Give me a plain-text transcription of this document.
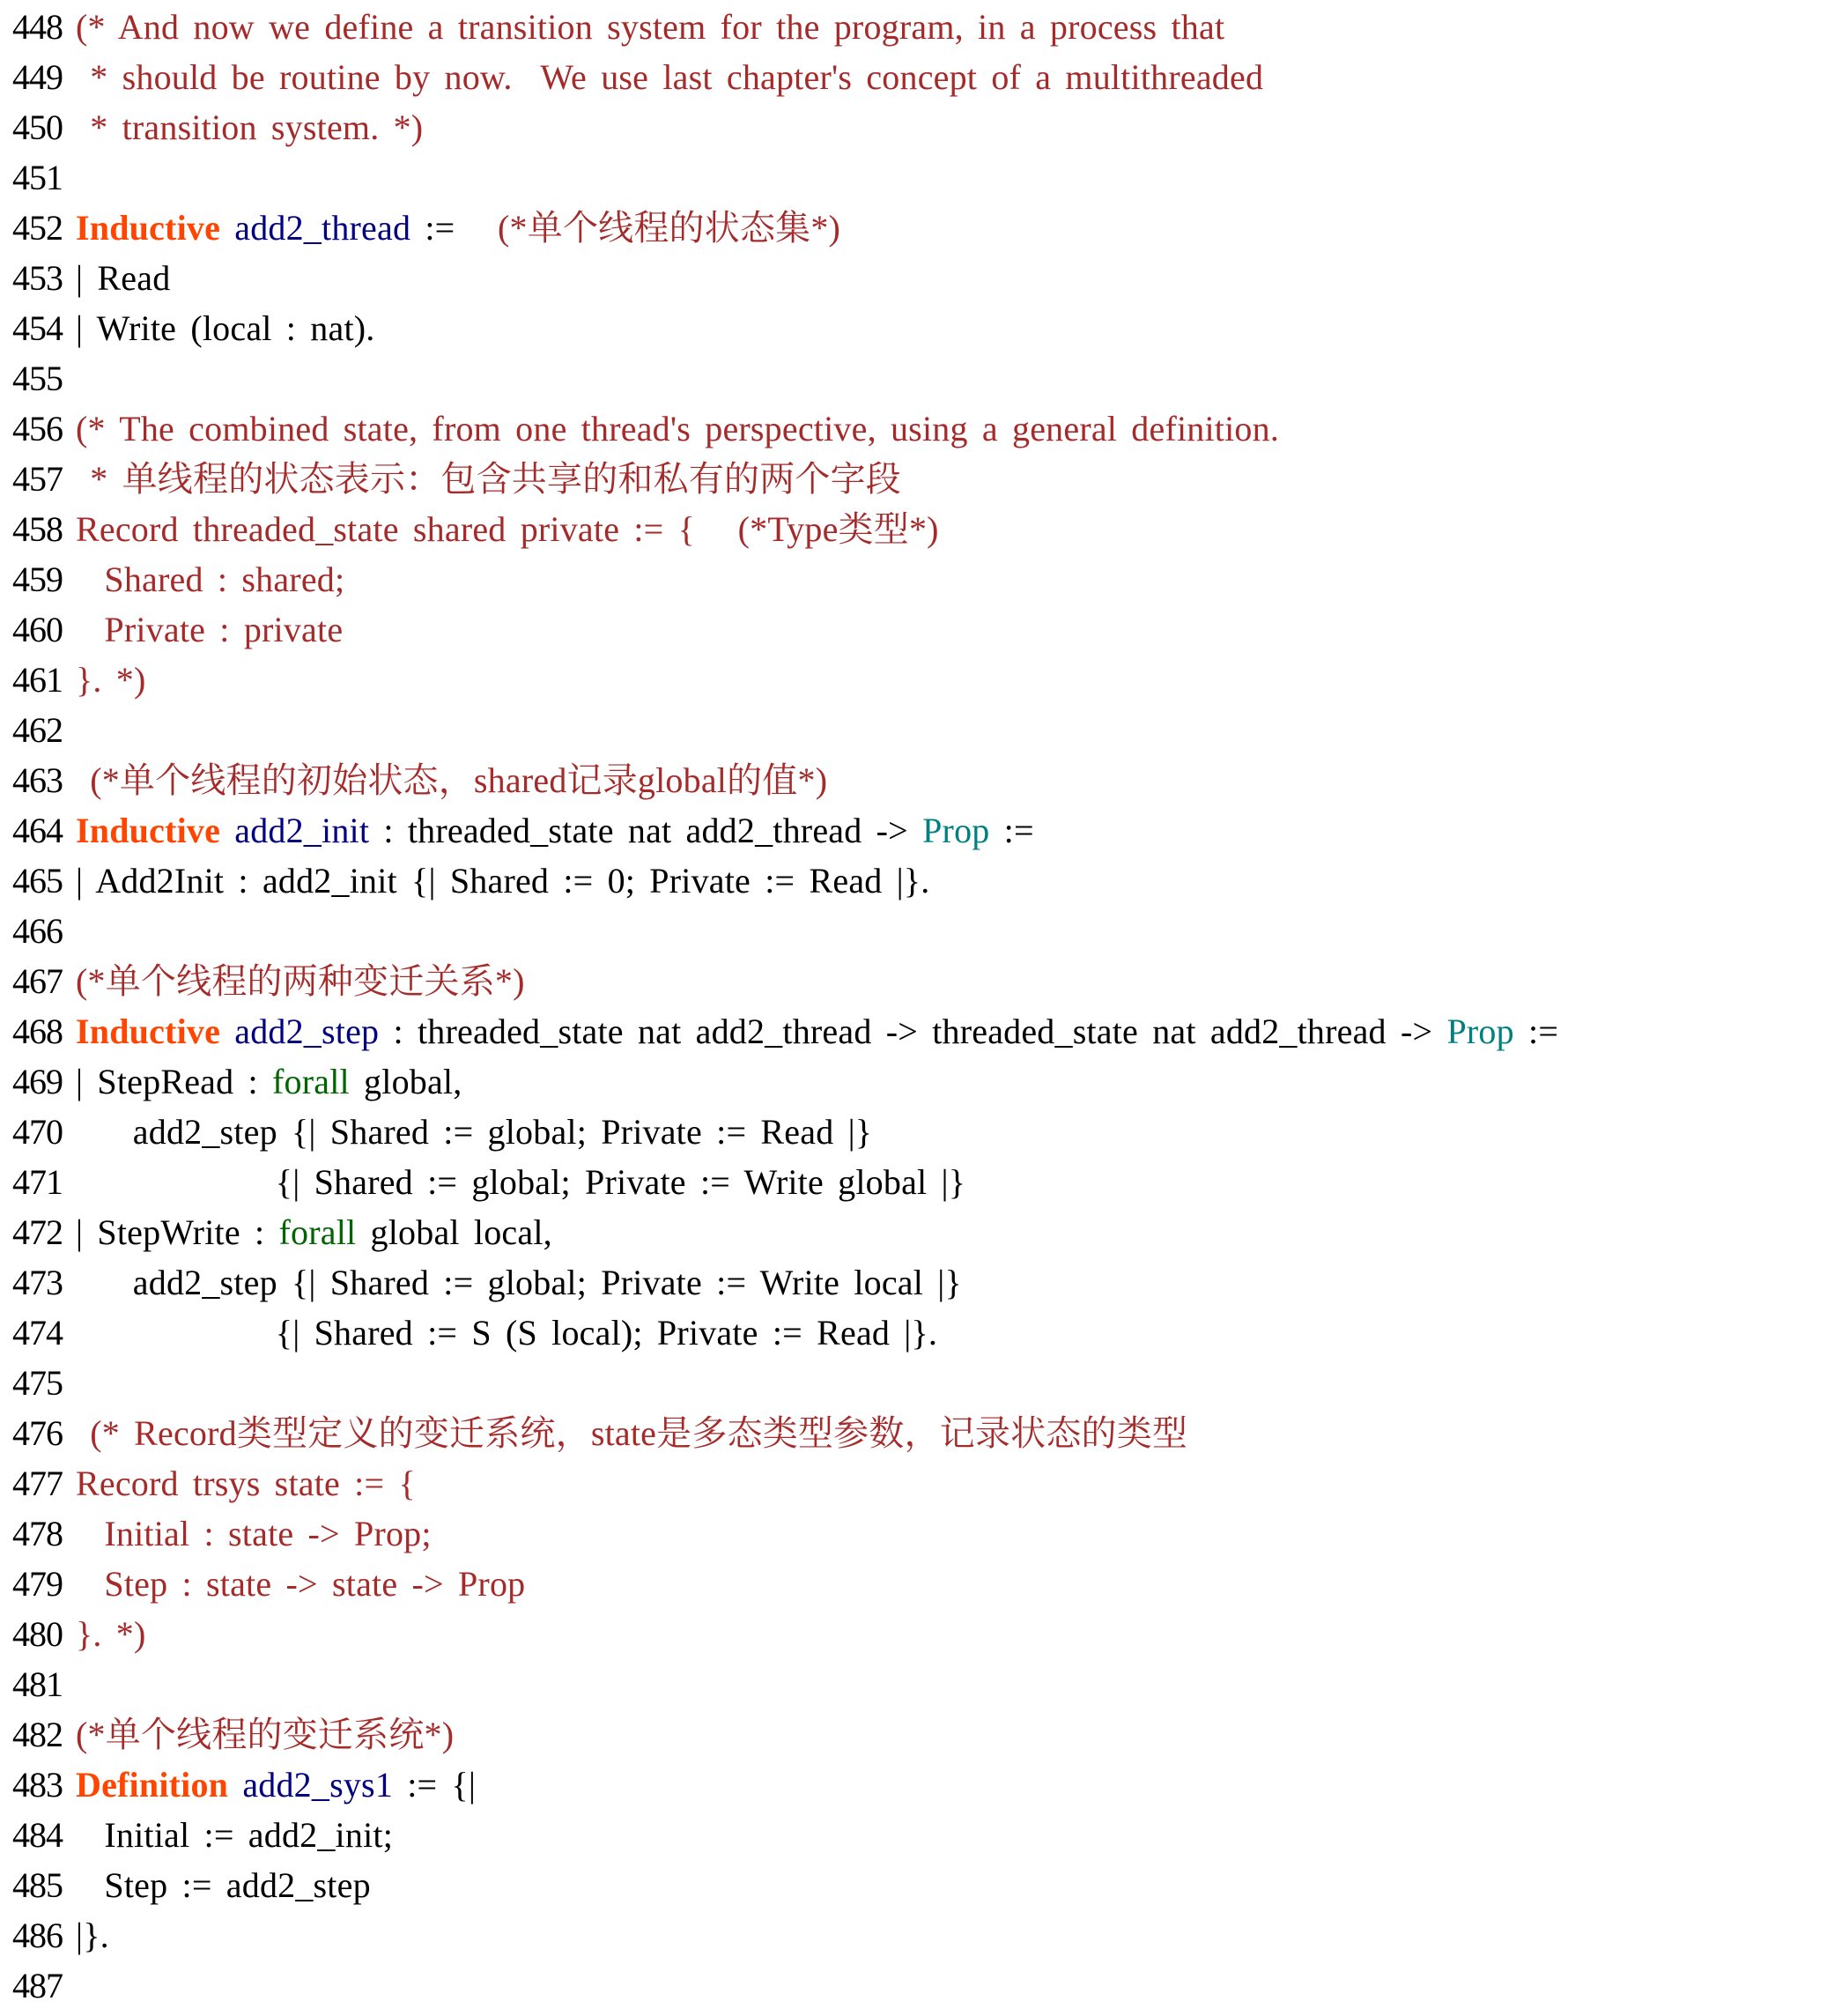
448 (* And now we define a transition system for the program, in a process that
449 * should be routine by now.  We use last chapter's concept of a multithreaded
450 * transition system. *)
451
452 Inductive add2_thread :=   (*单个线程的状态集*)
453 | Read
454 | Write (local : nat).
455
456 (* The combined state, from one thread's perspective, using a general definition.
457 * 单线程的状态表示：包含共享的和私有的两个字段
458 Record threaded_state shared private := {   (*Type类型*)
459 Shared : shared;
460 Private : private
461 }. *)
462
463 (*单个线程的初始状态，shared记录global的值*)
464 Inductive add2_init : threaded_state nat add2_thread -> Prop :=
465 | Add2Init : add2_init {| Shared := 0; Private := Read |}.
466
467 (*单个线程的两种变迁关系*)
468 Inductive add2_step : threaded_state nat add2_thread -> threaded_state nat add2_thread -> Prop :=
469 | StepRead : forall global,
470 add2_step {| Shared := global; Private := Read |}
471 {| Shared := global; Private := Write global |}
472 | StepWrite : forall global local,
473 add2_step {| Shared := global; Private := Write local |}
474 {| Shared := S (S local); Private := Read |}.
475
476 (* Record类型定义的变迁系统，state是多态类型参数，记录状态的类型
477 Record trsys state := {
478 Initial : state -> Prop;
479 Step : state -> state -> Prop
480 }. *)
481
482 (*单个线程的变迁系统*)
483 Definition add2_sys1 := {|
484 Initial := add2_init;
485 Step := add2_step
486 |}.
487
